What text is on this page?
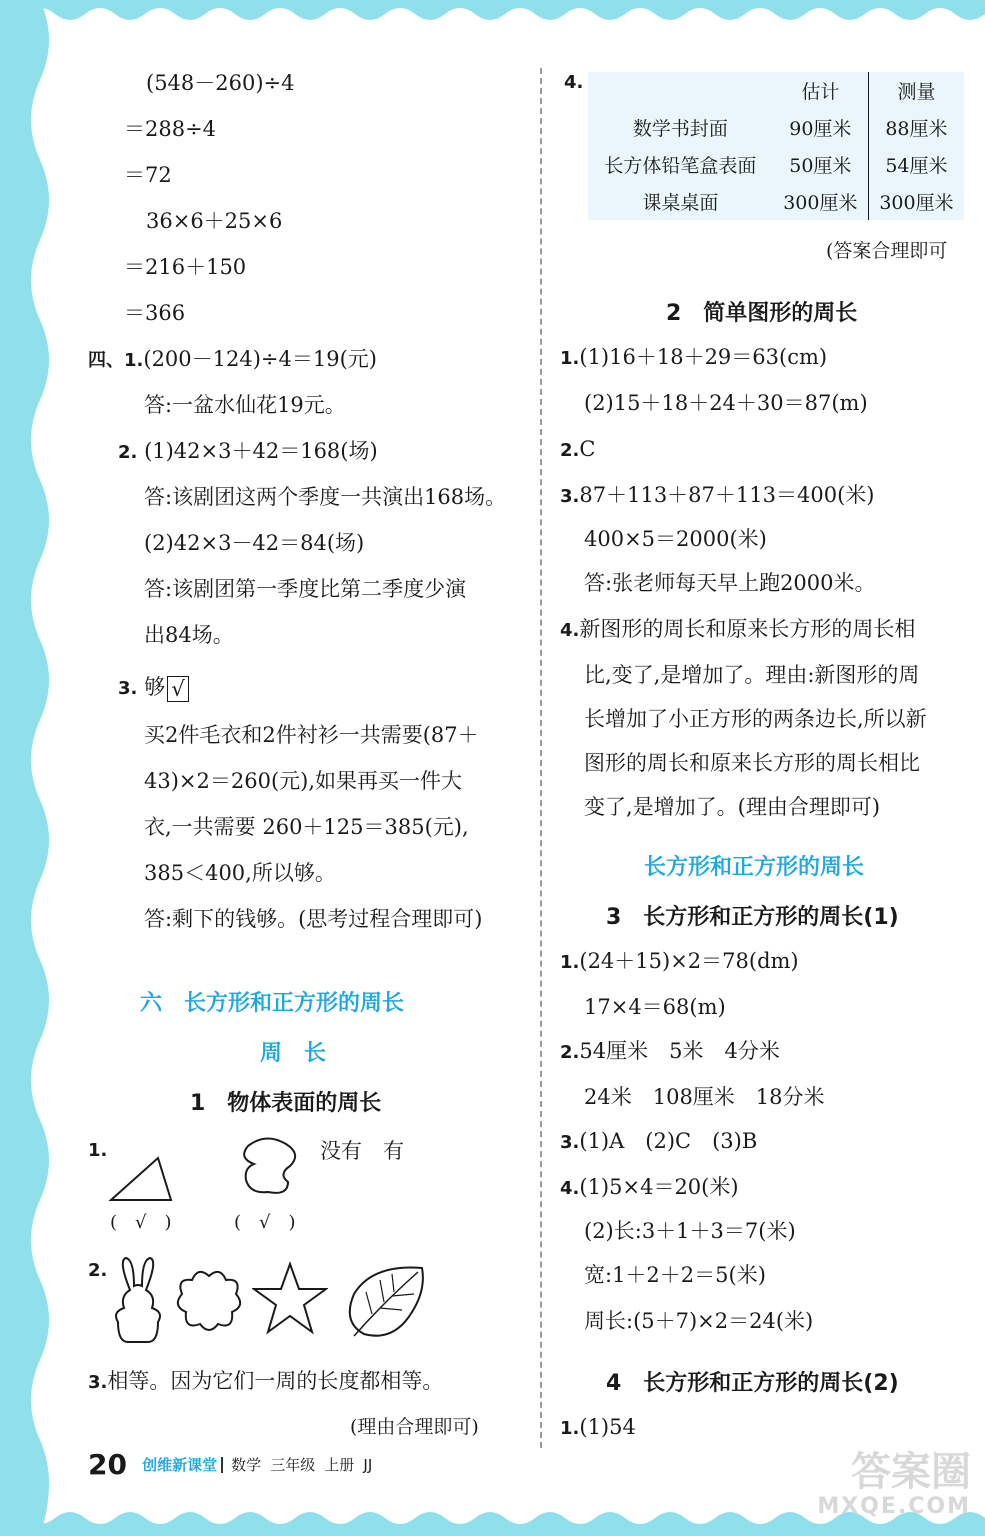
(548－260)÷4
＝288÷4
＝72
36×6＋25×6
＝216＋150
＝366
四、1.(200－124)÷4＝19(元)
答:一盆水仙花19元。
2. (1)42×3＋42＝168(场)
答:该剧团这两个季度一共演出168场。
(2)42×3－42＝84(场)
答:该剧团第一季度比第二季度少演
出84场。
3. 够 √
买2件毛衣和2件衬衫一共需要(87＋
43)×2＝260(元),如果再买一件大
衣,一共需要 260＋125＝385(元),
385＜400,所以够。
答:剩下的钱够。(思考过程合理即可)
六　长方形和正方形的周长
周　长
1　物体表面的周长
1.	没有　有
(　√　)	(　√　)
2.
3.相等。因为它们一周的长度都相等。
(理由合理即可)
4.
		估计	测量
数学书封面	90厘米	88厘米
长方体铅笔盒表面	50厘米	54厘米
课桌桌面	300厘米	300厘米
(答案合理即可
2　简单图形的周长
1.(1)16＋18＋29＝63(cm)
(2)15＋18＋24＋30＝87(m)
2.C
3.87＋113＋87＋113＝400(米)
400×5＝2000(米)
答:张老师每天早上跑2000米。
4.新图形的周长和原来长方形的周长相
比,变了,是增加了。理由:新图形的周
长增加了小正方形的两条边长,所以新
图形的周长和原来长方形的周长相比
变了,是增加了。(理由合理即可)
长方形和正方形的周长
3　长方形和正方形的周长(1)
1.(24＋15)×2＝78(dm)
17×4＝68(m)
2.54厘米　5米　4分米
24米　108厘米　18分米
3.(1)A　(2)C　(3)B
4.(1)5×4＝20(米)
(2)长:3＋1＋3＝7(米)
宽:1＋2＋2＝5(米)
周长:(5＋7)×2＝24(米)
4　长方形和正方形的周长(2)
1.(1)54
20 创维新课堂 数学 三年级 上册 JJ	答案圈
MXQE.COM
